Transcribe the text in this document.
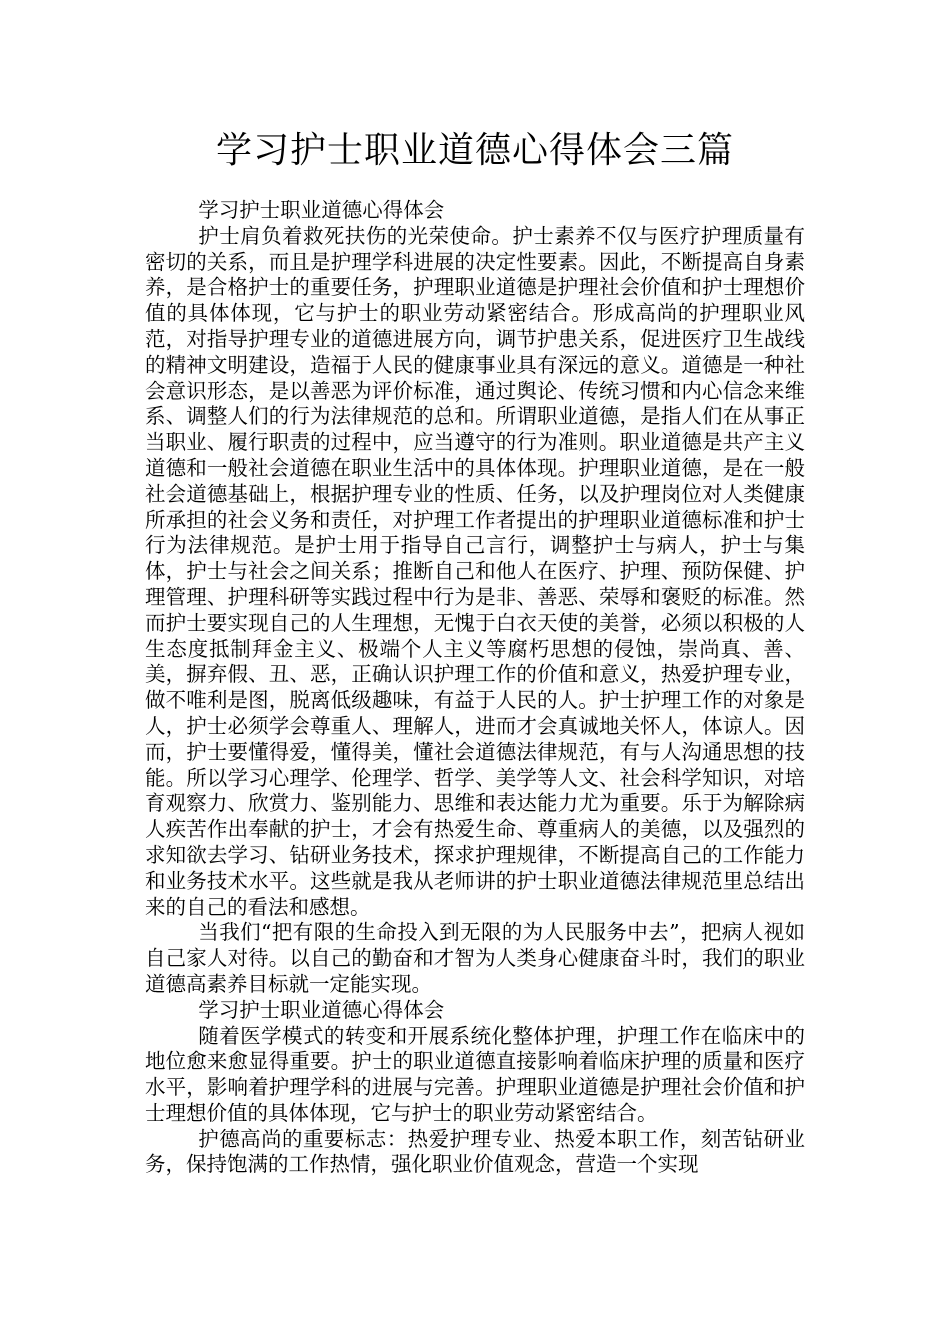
学习护士职业道德心得体会三篇

学习护士职业道德心得体会

护士肩负着救死扶伤的光荣使命。护士素养不仅与医疗护理质量有密切的关系，而且是护理学科进展的决定性要素。因此，不断提高自身素养，是合格护士的重要任务，护理职业道德是护理社会价值和护士理想价值的具体体现，它与护士的职业劳动紧密结合。形成高尚的护理职业风范，对指导护理专业的道德进展方向，调节护患关系，促进医疗卫生战线的精神文明建设，造福于人民的健康事业具有深远的意义。道德是一种社会意识形态，是以善恶为评价标准，通过舆论、传统习惯和内心信念来维系、调整人们的行为法律规范的总和。所谓职业道德，是指人们在从事正当职业、履行职责的过程中，应当遵守的行为准则。职业道德是共产主义道德和一般社会道德在职业生活中的具体体现。护理职业道德，是在一般社会道德基础上，根据护理专业的性质、任务，以及护理岗位对人类健康所承担的社会义务和责任，对护理工作者提出的护理职业道德标准和护士行为法律规范。是护士用于指导自己言行，调整护士与病人，护士与集体，护士与社会之间关系；推断自己和他人在医疗、护理、预防保健、护理管理、护理科研等实践过程中行为是非、善恶、荣辱和褒贬的标准。然而护士要实现自己的人生理想，无愧于白衣天使的美誉，必须以积极的人生态度抵制拜金主义、极端个人主义等腐朽思想的侵蚀，崇尚真、善、美，摒弃假、丑、恶，正确认识护理工作的价值和意义，热爱护理专业，做不唯利是图，脱离低级趣味，有益于人民的人。护士护理工作的对象是人，护士必须学会尊重人、理解人，进而才会真诚地关怀人，体谅人。因而，护士要懂得爱，懂得美，懂社会道德法律规范，有与人沟通思想的技能。所以学习心理学、伦理学、哲学、美学等人文、社会科学知识，对培育观察力、欣赏力、鉴别能力、思维和表达能力尤为重要。乐于为解除病人疾苦作出奉献的护士，才会有热爱生命、尊重病人的美德，以及强烈的求知欲去学习、钻研业务技术，探求护理规律，不断提高自己的工作能力和业务技术水平。这些就是我从老师讲的护士职业道德法律规范里总结出来的自己的看法和感想。

当我们“把有限的生命投入到无限的为人民服务中去”，把病人视如自己家人对待。以自己的勤奋和才智为人类身心健康奋斗时，我们的职业道德高素养目标就一定能实现。

学习护士职业道德心得体会

随着医学模式的转变和开展系统化整体护理，护理工作在临床中的地位愈来愈显得重要。护士的职业道德直接影响着临床护理的质量和医疗水平，影响着护理学科的进展与完善。护理职业道德是护理社会价值和护士理想价值的具体体现，它与护士的职业劳动紧密结合。

护德高尚的重要标志：热爱护理专业、热爱本职工作，刻苦钻研业务，保持饱满的工作热情，强化职业价值观念，营造一个实现
